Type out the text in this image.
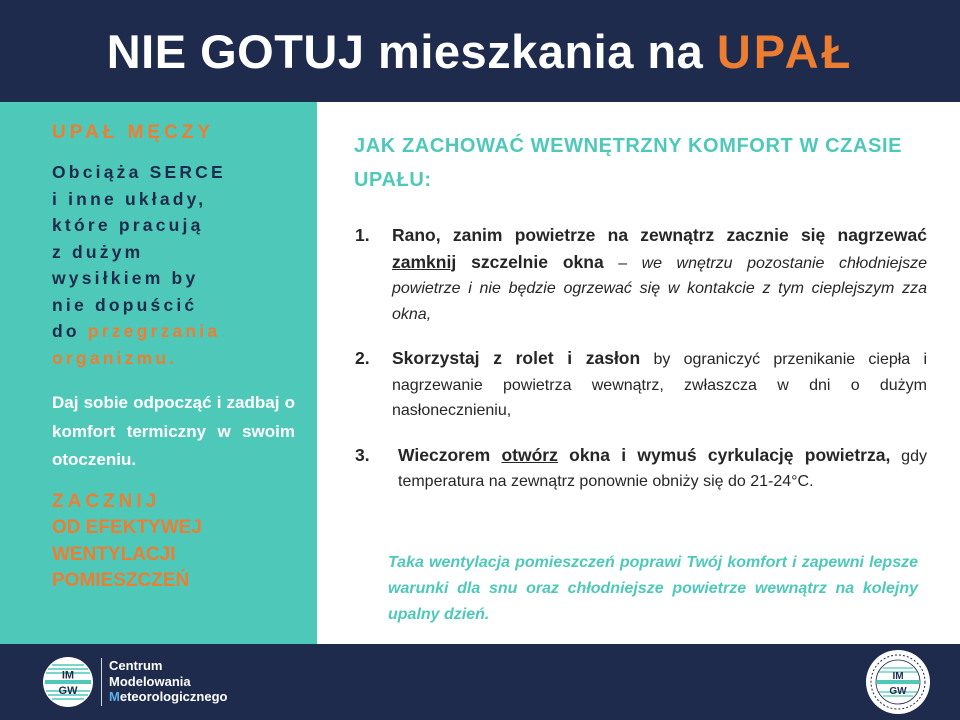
NIE GOTUJ mieszkania na UPAŁ

UPAŁ MĘCZY

Obciąża SERCE
i inne układy,
które pracują
z dużym
wysiłkiem by
nie dopuścić
do przegrzania
organizmu.

Daj sobie odpocząć i zadbaj o komfort termiczny w swoim otoczeniu.

ZACZNIJ
OD EFEKTYWEJ
WENTYLACJI
POMIESZCZEŃ

JAK ZACHOWAĆ WEWNĘTRZNY KOMFORT W CZASIE UPAŁU:

1.	Rano, zanim powietrze na zewnątrz zacznie się nagrzewać zamknij szczelnie okna – we wnętrzu pozostanie chłodniejsze powietrze i nie będzie ogrzewać się w kontakcie z tym cieplejszym zza okna,
2.	Skorzystaj z rolet i zasłon by ograniczyć przenikanie ciepła i nagrzewanie powietrza wewnątrz, zwłaszcza w dni o dużym nasłonecznieniu,
3.	Wieczorem otwórz okna i wymuś cyrkulację powietrza, gdy temperatura na zewnątrz ponownie obniży się do 21-24°C.

Taka wentylacja pomieszczeń poprawi Twój komfort i zapewni lepsze warunki dla snu oraz chłodniejsze powietrze wewnątrz na kolejny upalny dzień.

IM
GW
Centrum
Modelowania
Meteorologicznego
IM
GW
